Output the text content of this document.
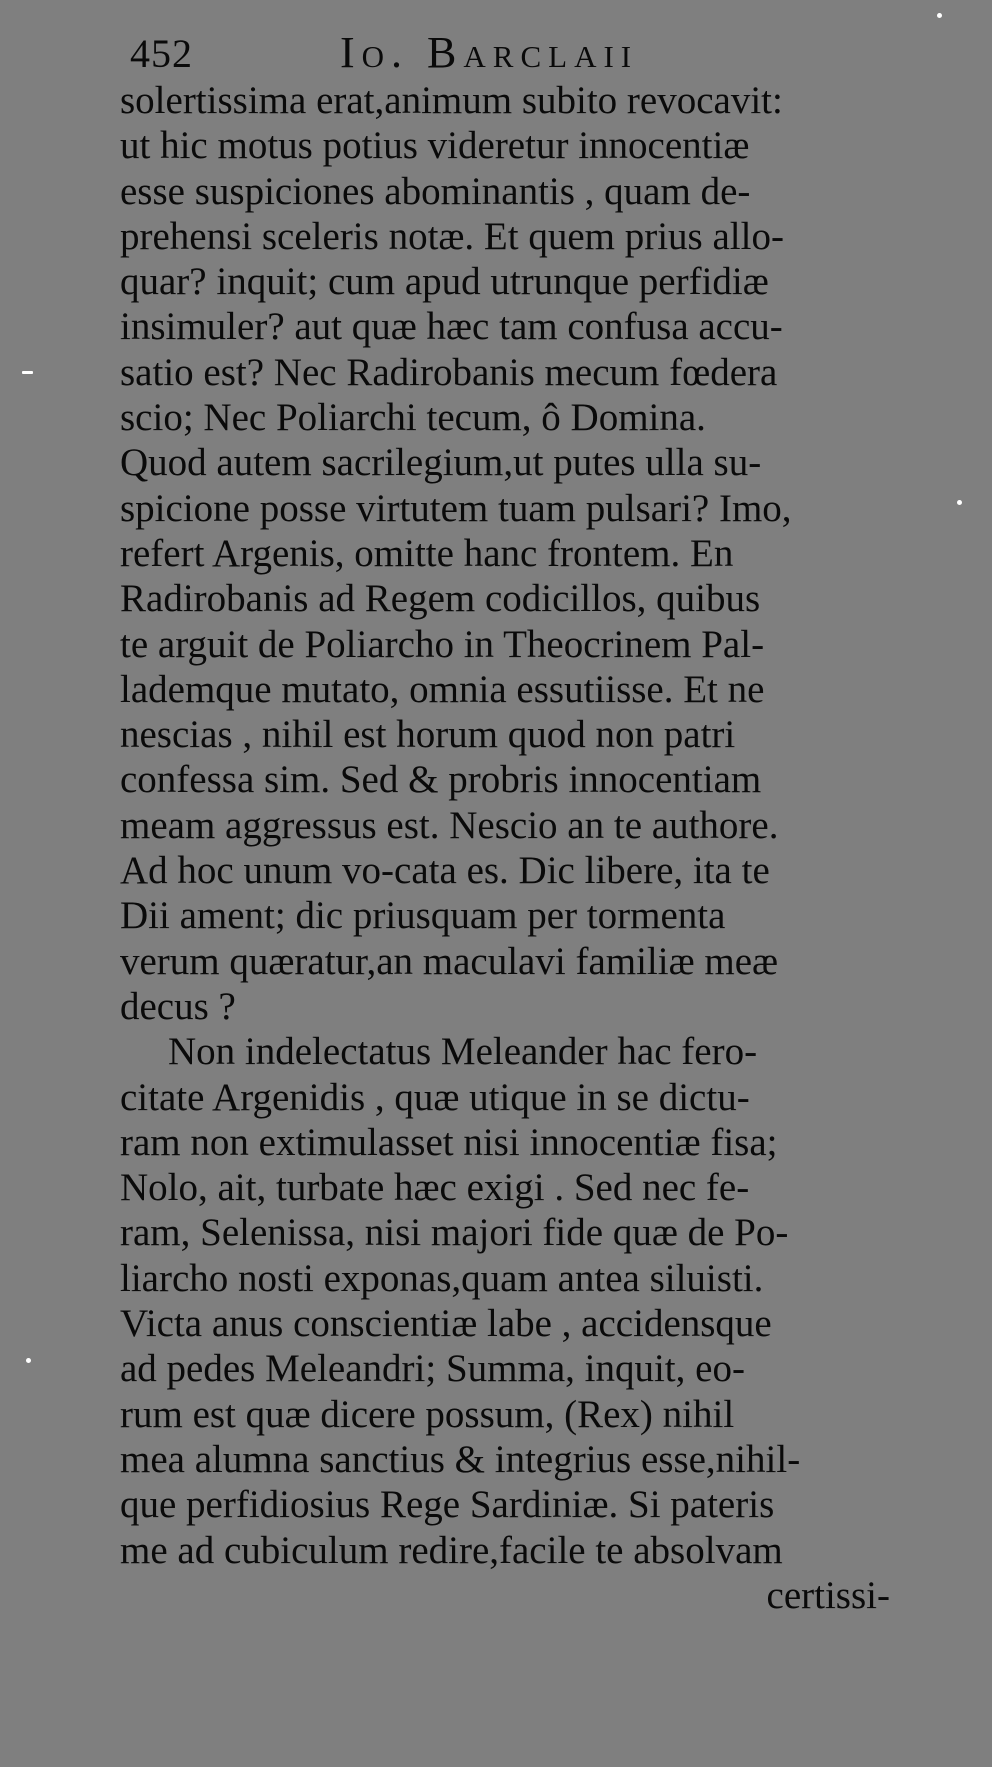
452	Io. Barclaii
solertissima erat,animum subito revocavit:
ut hic motus potius videretur innocentiæ
esse suspiciones abominantis , quam de-
prehensi sceleris notæ. Et quem prius allo-
quar? inquit; cum apud utrunque perfidiæ
insimuler? aut quæ hæc tam confusa accu-
satio est? Nec Radirobanis mecum fœdera
scio; Nec Poliarchi tecum, ô Domina.
Quod autem sacrilegium,ut putes ulla su-
spicione posse virtutem tuam pulsari? Imo,
refert Argenis, omitte hanc frontem. En
Radirobanis ad Regem codicillos, quibus
te arguit de Poliarcho in Theocrinem Pal-
lademque mutato, omnia essutiisse. Et ne
nescias , nihil est horum quod non patri
confessa sim. Sed & probris innocentiam
meam aggressus est. Nescio an te authore.
Ad hoc unum vo-cata es. Dic libere, ita te
Dii ament; dic priusquam per tormenta
verum quæratur,an maculavi familiæ meæ
decus ?
Non indelectatus Meleander hac fero-
citate Argenidis , quæ utique in se dictu-
ram non extimulasset nisi innocentiæ fisa;
Nolo, ait, turbate hæc exigi . Sed nec fe-
ram, Selenissa, nisi majori fide quæ de Po-
liarcho nosti exponas,quam antea siluisti.
Victa anus conscientiæ labe , accidensque
ad pedes Meleandri; Summa, inquit, eo-
rum est quæ dicere possum, (Rex) nihil
mea alumna sanctius & integrius esse,nihil-
que perfidiosius Rege Sardiniæ. Si pateris
me ad cubiculum redire,facile te absolvam
certissi-
